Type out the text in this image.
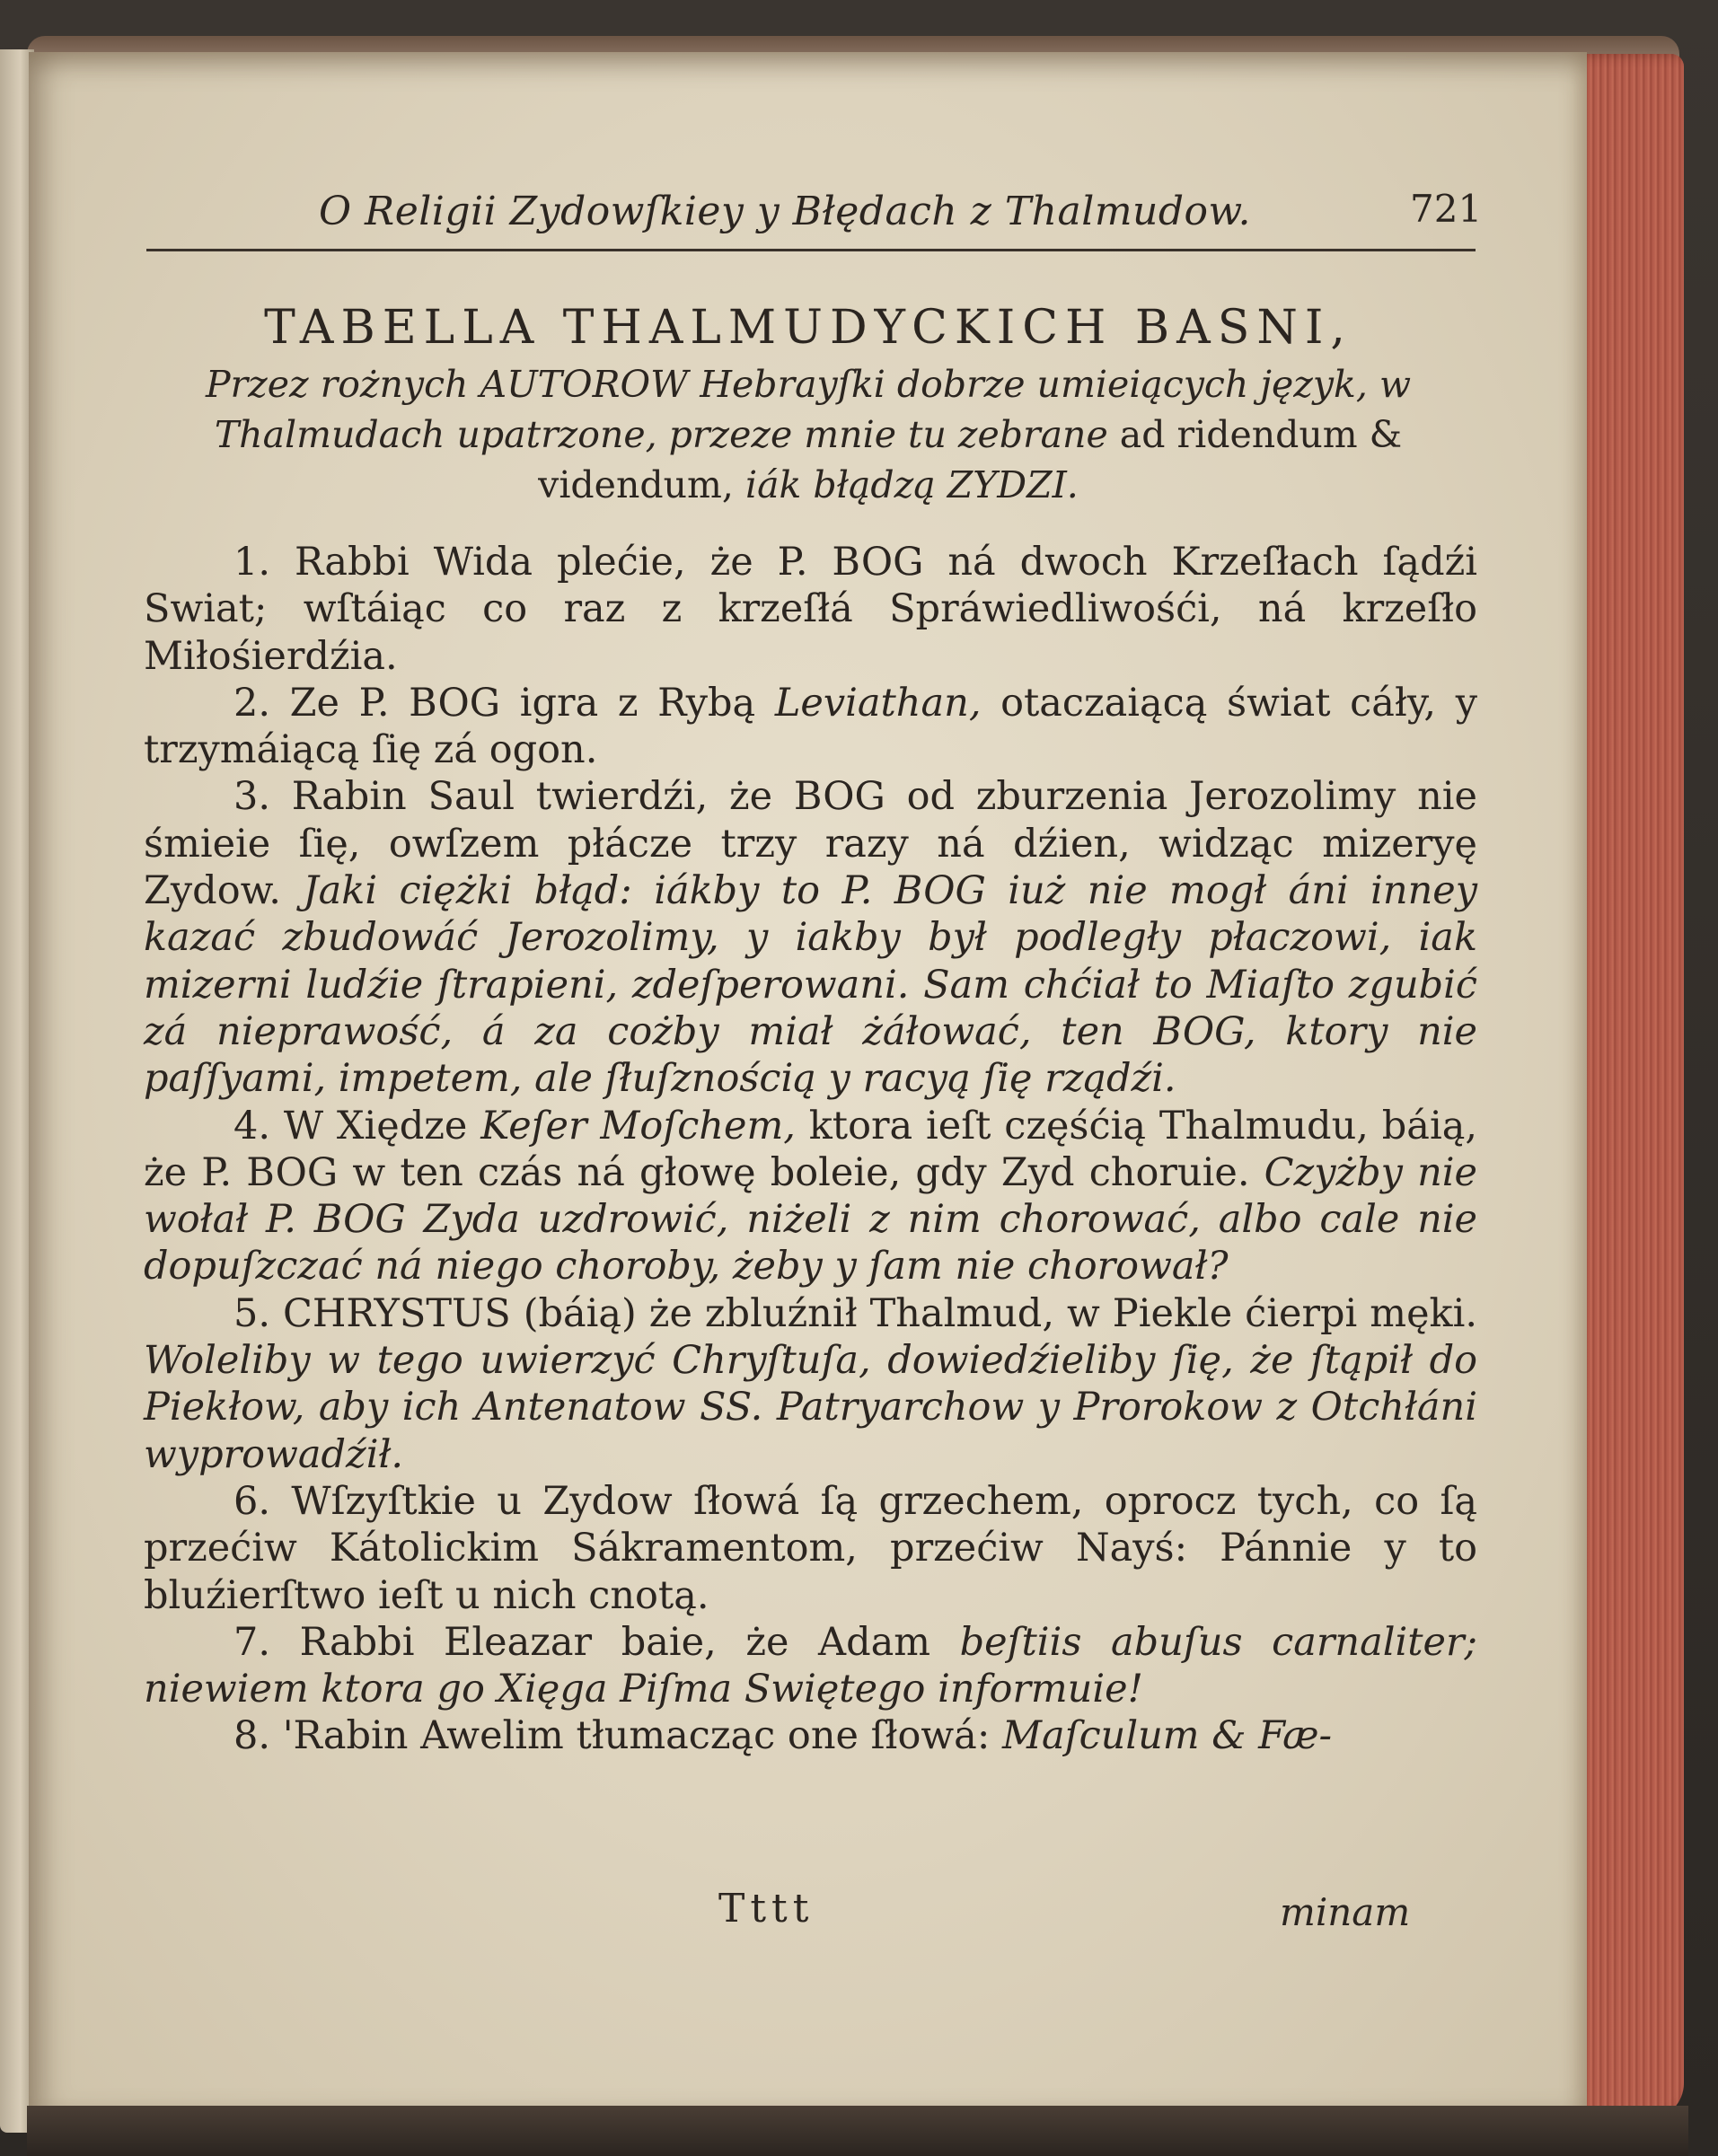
O Religii Zydowſkiey y Błędach z Thalmudow.	721
TABELLA THALMUDYCKICH BASNI,
Przez rożnych AUTOROW Hebrayſki dobrze umieiących język, w Thalmudach upatrzone, przeze mnie tu zebrane ad ridendum & videndum, iák błądzą ZYDZI.

1. Rabbi Wida plećie, że P. BOG ná dwoch Krzeſłach ſądźi Swiat; wſtáiąc co raz z krzeſłá Spráwiedliwośći, ná krzeſło Miłośierdźia.

2. Ze P. BOG igra z Rybą Leviathan, otaczaiącą świat cáły, y trzymáiącą ſię zá ogon.

3. Rabin Saul twierdźi, że BOG od zburzenia Jerozolimy nie śmieie ſię, owſzem płácze trzy razy ná dźien, widząc mizeryę Zydow. Jaki ciężki błąd: iákby to P. BOG iuż nie mogł áni inney kazać zbudowáć Jerozolimy, y iakby był podległy płaczowi, iak mizerni ludźie ſtrapieni, zdeſperowani. Sam chćiał to Miaſto zgubić zá nieprawość, á za cożby miał żáłować, ten BOG, ktory nie paſſyami, impetem, ale ſłuſznością y racyą ſię rządźi.

4. W Xiędze Keſer Moſchem, ktora ieſt częśćią Thalmudu, báią, że P. BOG w ten czás ná głowę boleie, gdy Zyd choruie. Czyżby nie wołał P. BOG Zyda uzdrowić, niżeli z nim chorować, albo cale nie dopuſzczać ná niego choroby, żeby y ſam nie chorował?

5. CHRYSTUS (báią) że zbluźnił Thalmud, w Piekle ćierpi męki. Woleliby w tego uwierzyć Chryſtuſa, dowiedźieliby ſię, że ſtąpił do Piekłow, aby ich Antenatow SS. Patryarchow y Prorokow z Otchłáni wyprowadźił.

6. Wſzyſtkie u Zydow ſłowá ſą grzechem, oprocz tych, co ſą przećiw Kátolickim Sákramentom, przećiw Nayś: Pánnie y to bluźierſtwo ieſt u nich cnotą.

7. Rabbi Eleazar baie, że Adam beſtiis abuſus carnaliter; niewiem ktora go Xięga Piſma Swiętego informuie!

8. 'Rabin Awelim tłumacząc one ſłowá: Maſculum & Fæ-

Tttt	minam
